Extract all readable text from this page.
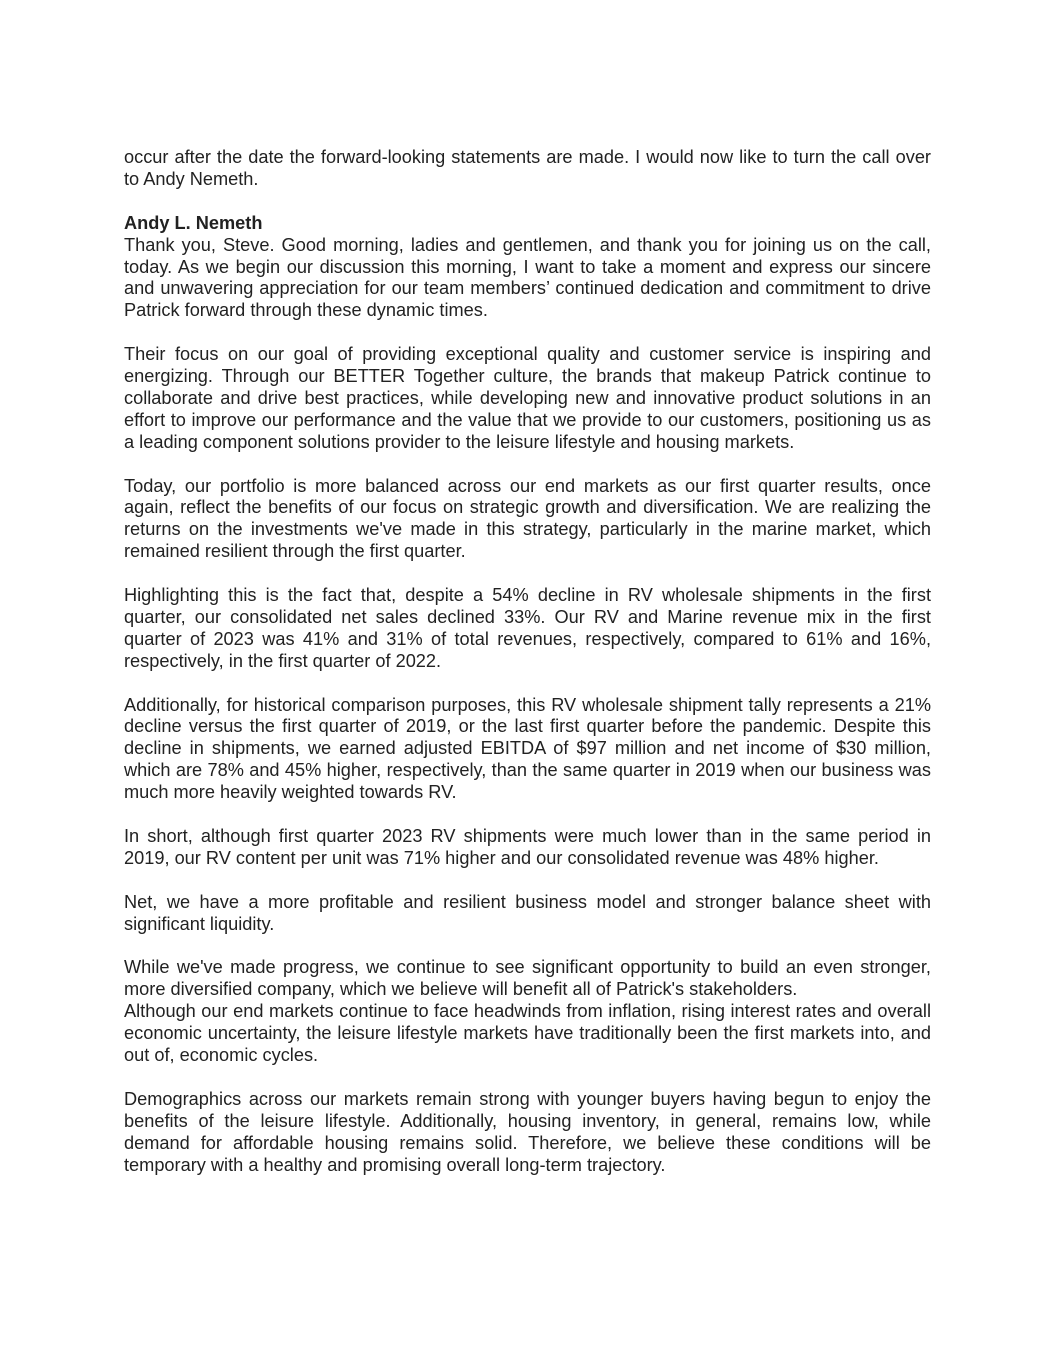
occur after the date the forward-looking statements are made. I would now like to turn the call over to Andy Nemeth.

Andy L. Nemeth

Thank you, Steve. Good morning, ladies and gentlemen, and thank you for joining us on the call, today. As we begin our discussion this morning, I want to take a moment and express our sincere and unwavering appreciation for our team members’ continued dedication and commitment to drive Patrick forward through these dynamic times.

Their focus on our goal of providing exceptional quality and customer service is inspiring and energizing. Through our BETTER Together culture, the brands that makeup Patrick continue to collaborate and drive best practices, while developing new and innovative product solutions in an effort to improve our performance and the value that we provide to our customers, positioning us as a leading component solutions provider to the leisure lifestyle and housing markets.

Today, our portfolio is more balanced across our end markets as our first quarter results, once again, reflect the benefits of our focus on strategic growth and diversification. We are realizing the returns on the investments we've made in this strategy, particularly in the marine market, which remained resilient through the first quarter.

Highlighting this is the fact that, despite a 54% decline in RV wholesale shipments in the first quarter, our consolidated net sales declined 33%. Our RV and Marine revenue mix in the first quarter of 2023 was 41% and 31% of total revenues, respectively, compared to 61% and 16%, respectively, in the first quarter of 2022.

Additionally, for historical comparison purposes, this RV wholesale shipment tally represents a 21% decline versus the first quarter of 2019, or the last first quarter before the pandemic. Despite this decline in shipments, we earned adjusted EBITDA of $97 million and net income of $30 million, which are 78% and 45% higher, respectively, than the same quarter in 2019 when our business was much more heavily weighted towards RV.

In short, although first quarter 2023 RV shipments were much lower than in the same period in 2019, our RV content per unit was 71% higher and our consolidated revenue was 48% higher.

Net, we have a more profitable and resilient business model and stronger balance sheet with significant liquidity.

While we've made progress, we continue to see significant opportunity to build an even stronger, more diversified company, which we believe will benefit all of Patrick's stakeholders.

Although our end markets continue to face headwinds from inflation, rising interest rates and overall economic uncertainty, the leisure lifestyle markets have traditionally been the first markets into, and out of, economic cycles.

Demographics across our markets remain strong with younger buyers having begun to enjoy the benefits of the leisure lifestyle. Additionally, housing inventory, in general, remains low, while demand for affordable housing remains solid. Therefore, we believe these conditions will be temporary with a healthy and promising overall long-term trajectory.
